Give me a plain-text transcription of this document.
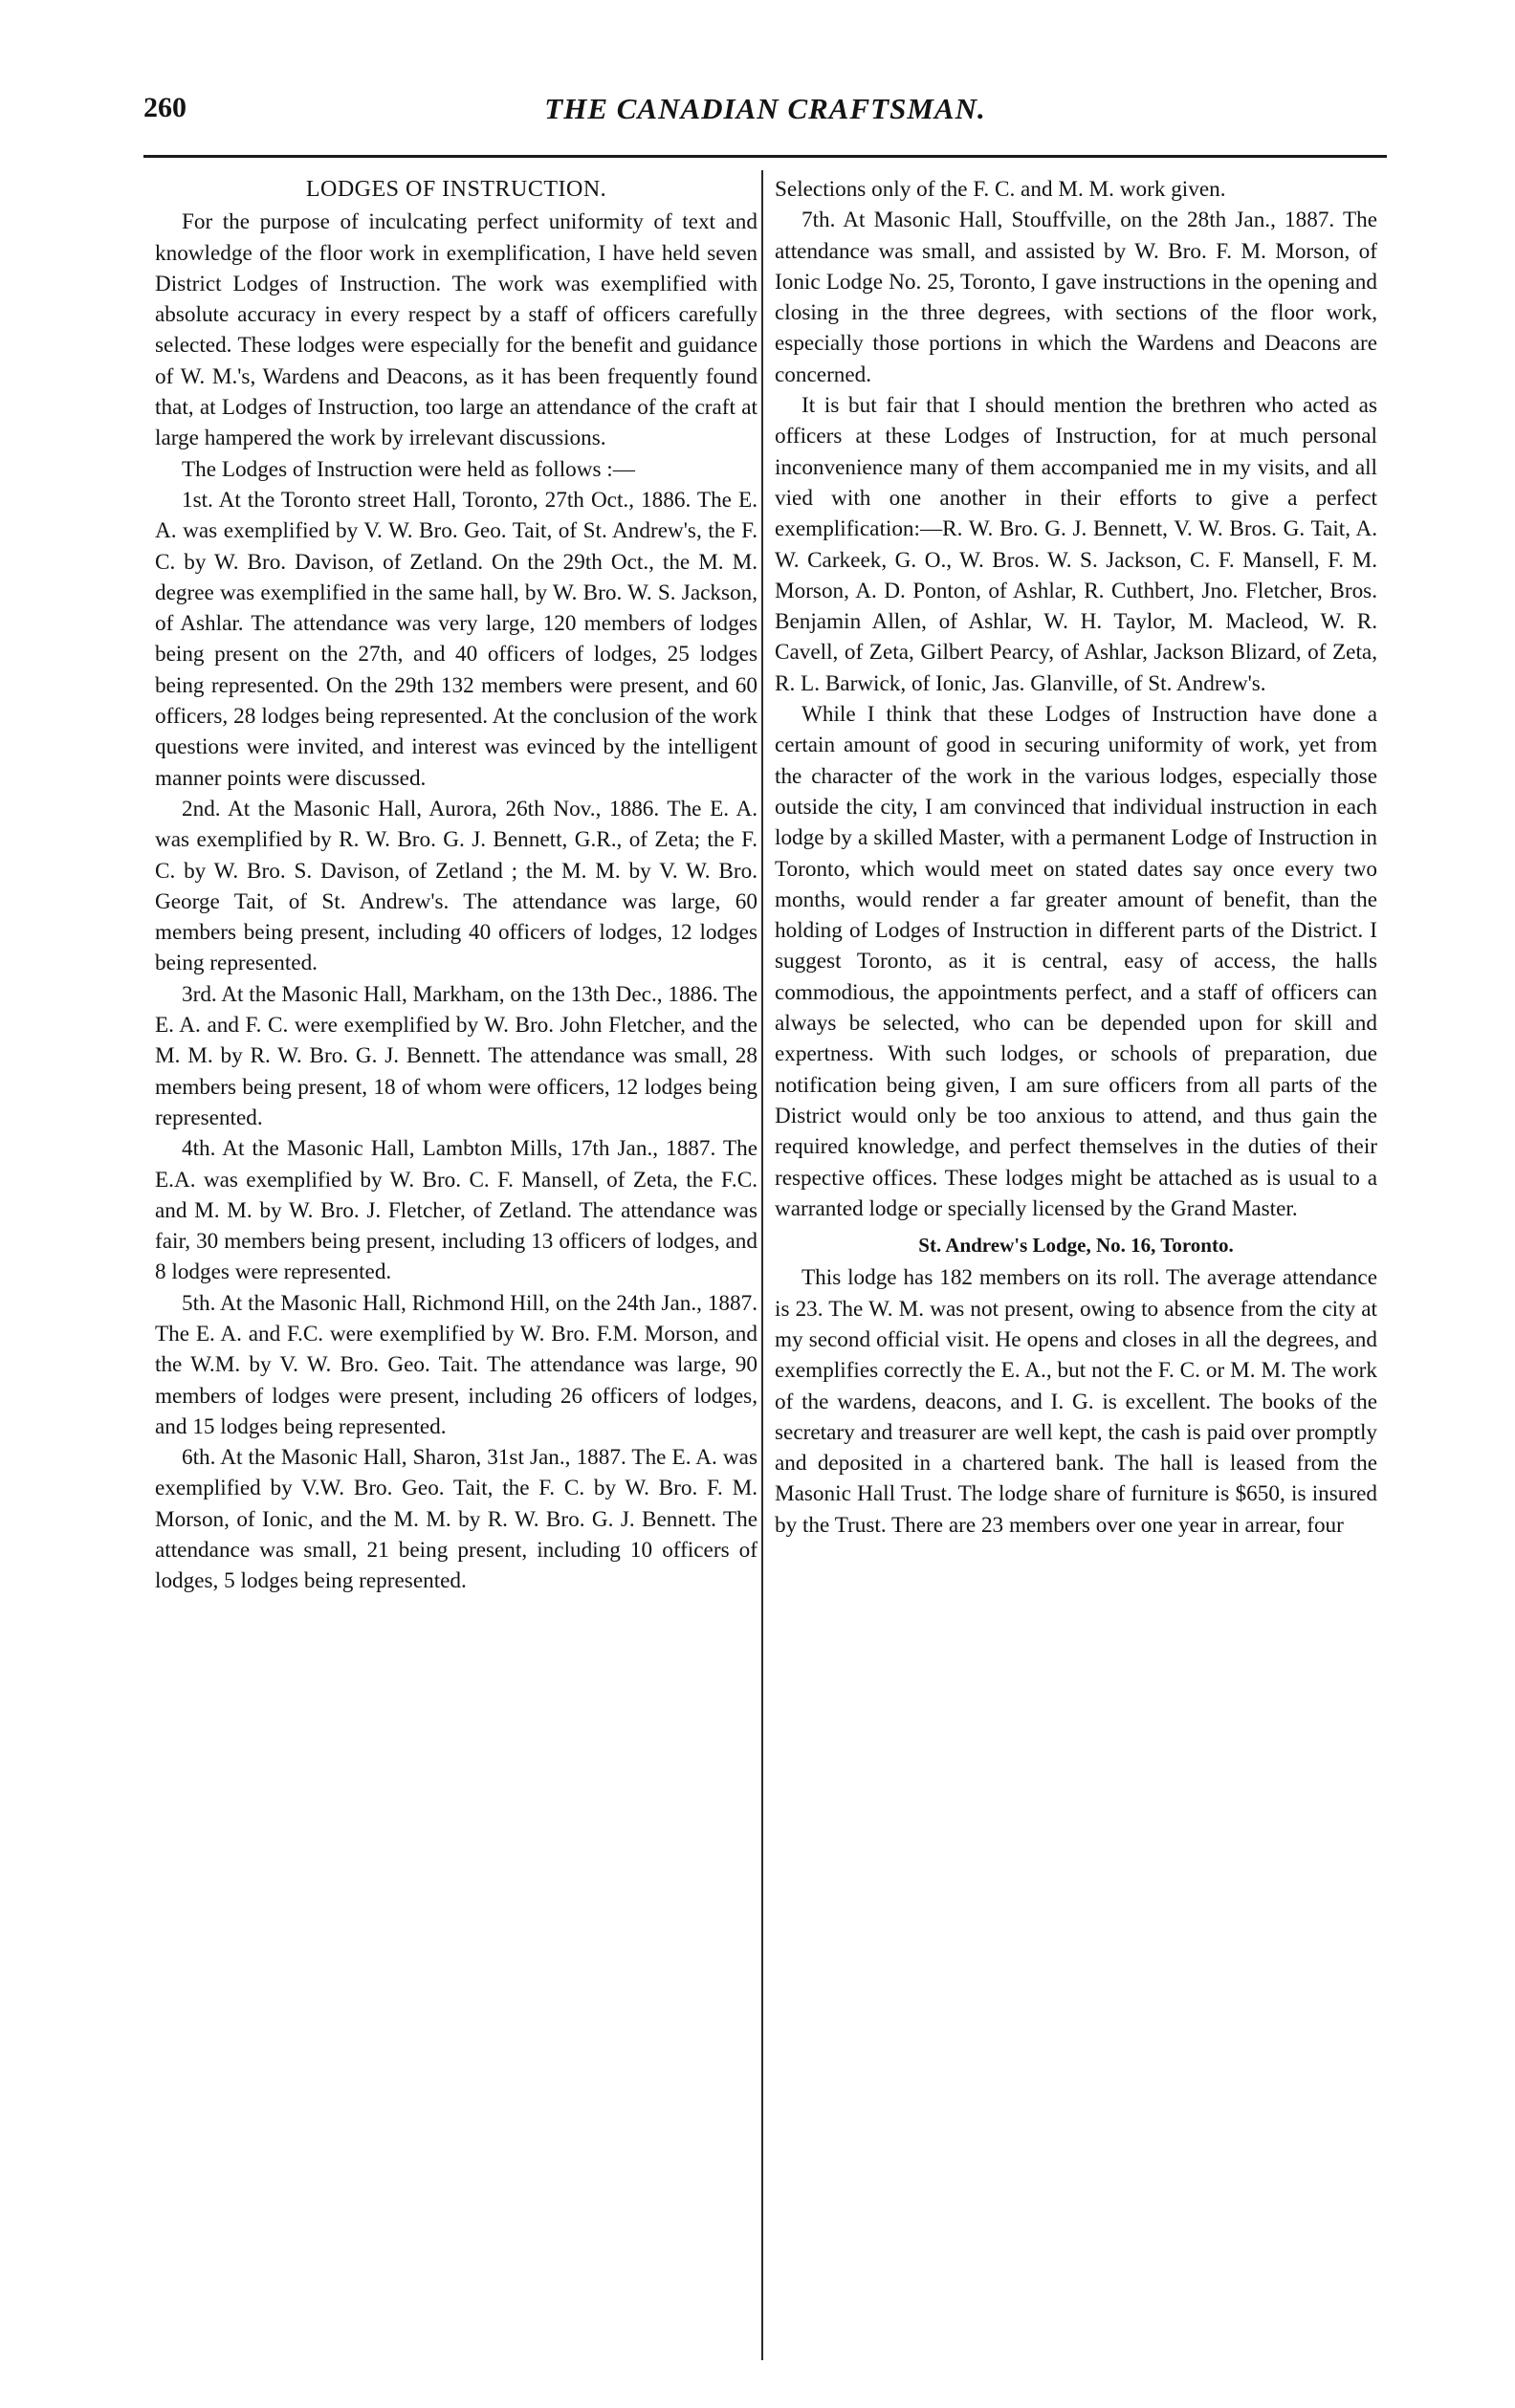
260	THE CANADIAN CRAFTSMAN.
LODGES OF INSTRUCTION.

For the purpose of inculcating perfect uniformity of text and knowledge of the floor work in exemplification, I have held seven District Lodges of Instruction. The work was exemplified with absolute accuracy in every respect by a staff of officers carefully selected. These lodges were especially for the benefit and guidance of W. M.'s, Wardens and Deacons, as it has been frequently found that, at Lodges of Instruction, too large an attendance of the craft at large hampered the work by irrelevant discussions.

The Lodges of Instruction were held as follows :—

1st. At the Toronto street Hall, Toronto, 27th Oct., 1886. The E. A. was exemplified by V. W. Bro. Geo. Tait, of St. Andrew's, the F. C. by W. Bro. Davison, of Zetland. On the 29th Oct., the M. M. degree was exemplified in the same hall, by W. Bro. W. S. Jackson, of Ashlar. The attendance was very large, 120 members of lodges being present on the 27th, and 40 officers of lodges, 25 lodges being represented. On the 29th 132 members were present, and 60 officers, 28 lodges being represented. At the conclusion of the work questions were invited, and interest was evinced by the intelligent manner points were discussed.

2nd. At the Masonic Hall, Aurora, 26th Nov., 1886. The E. A. was exemplified by R. W. Bro. G. J. Bennett, G.R., of Zeta; the F. C. by W. Bro. S. Davison, of Zetland ; the M. M. by V. W. Bro. George Tait, of St. Andrew's. The attendance was large, 60 members being present, including 40 officers of lodges, 12 lodges being represented.

3rd. At the Masonic Hall, Markham, on the 13th Dec., 1886. The E. A. and F. C. were exemplified by W. Bro. John Fletcher, and the M. M. by R. W. Bro. G. J. Bennett. The attendance was small, 28 members being present, 18 of whom were officers, 12 lodges being represented.

4th. At the Masonic Hall, Lambton Mills, 17th Jan., 1887. The E.A. was exemplified by W. Bro. C. F. Mansell, of Zeta, the F.C. and M. M. by W. Bro. J. Fletcher, of Zetland. The attendance was fair, 30 members being present, including 13 officers of lodges, and 8 lodges were represented.

5th. At the Masonic Hall, Richmond Hill, on the 24th Jan., 1887. The E. A. and F.C. were exemplified by W. Bro. F.M. Morson, and the W.M. by V. W. Bro. Geo. Tait. The attendance was large, 90 members of lodges were present, including 26 officers of lodges, and 15 lodges being represented.

6th. At the Masonic Hall, Sharon, 31st Jan., 1887. The E. A. was exemplified by V.W. Bro. Geo. Tait, the F. C. by W. Bro. F. M. Morson, of Ionic, and the M. M. by R. W. Bro. G. J. Bennett. The attendance was small, 21 being present, including 10 officers of lodges, 5 lodges being represented.

Selections only of the F. C. and M. M. work given.

7th. At Masonic Hall, Stouffville, on the 28th Jan., 1887. The attendance was small, and assisted by W. Bro. F. M. Morson, of Ionic Lodge No. 25, Toronto, I gave instructions in the opening and closing in the three degrees, with sections of the floor work, especially those portions in which the Wardens and Deacons are concerned.

It is but fair that I should mention the brethren who acted as officers at these Lodges of Instruction, for at much personal inconvenience many of them accompanied me in my visits, and all vied with one another in their efforts to give a perfect exemplification:—R. W. Bro. G. J. Bennett, V. W. Bros. G. Tait, A. W. Carkeek, G. O., W. Bros. W. S. Jackson, C. F. Mansell, F. M. Morson, A. D. Ponton, of Ashlar, R. Cuthbert, Jno. Fletcher, Bros. Benjamin Allen, of Ashlar, W. H. Taylor, M. Macleod, W. R. Cavell, of Zeta, Gilbert Pearcy, of Ashlar, Jackson Blizard, of Zeta, R. L. Barwick, of Ionic, Jas. Glanville, of St. Andrew's.

While I think that these Lodges of Instruction have done a certain amount of good in securing uniformity of work, yet from the character of the work in the various lodges, especially those outside the city, I am convinced that individual instruction in each lodge by a skilled Master, with a permanent Lodge of Instruction in Toronto, which would meet on stated dates say once every two months, would render a far greater amount of benefit, than the holding of Lodges of Instruction in different parts of the District. I suggest Toronto, as it is central, easy of access, the halls commodious, the appointments perfect, and a staff of officers can always be selected, who can be depended upon for skill and expertness. With such lodges, or schools of preparation, due notification being given, I am sure officers from all parts of the District would only be too anxious to attend, and thus gain the required knowledge, and perfect themselves in the duties of their respective offices. These lodges might be attached as is usual to a warranted lodge or specially licensed by the Grand Master.

St. Andrew's Lodge, No. 16, Toronto.

This lodge has 182 members on its roll. The average attendance is 23. The W. M. was not present, owing to absence from the city at my second official visit. He opens and closes in all the degrees, and exemplifies correctly the E. A., but not the F. C. or M. M. The work of the wardens, deacons, and I. G. is excellent. The books of the secretary and treasurer are well kept, the cash is paid over promptly and deposited in a chartered bank. The hall is leased from the Masonic Hall Trust. The lodge share of furniture is $650, is insured by the Trust. There are 23 members over one year in arrear, four
